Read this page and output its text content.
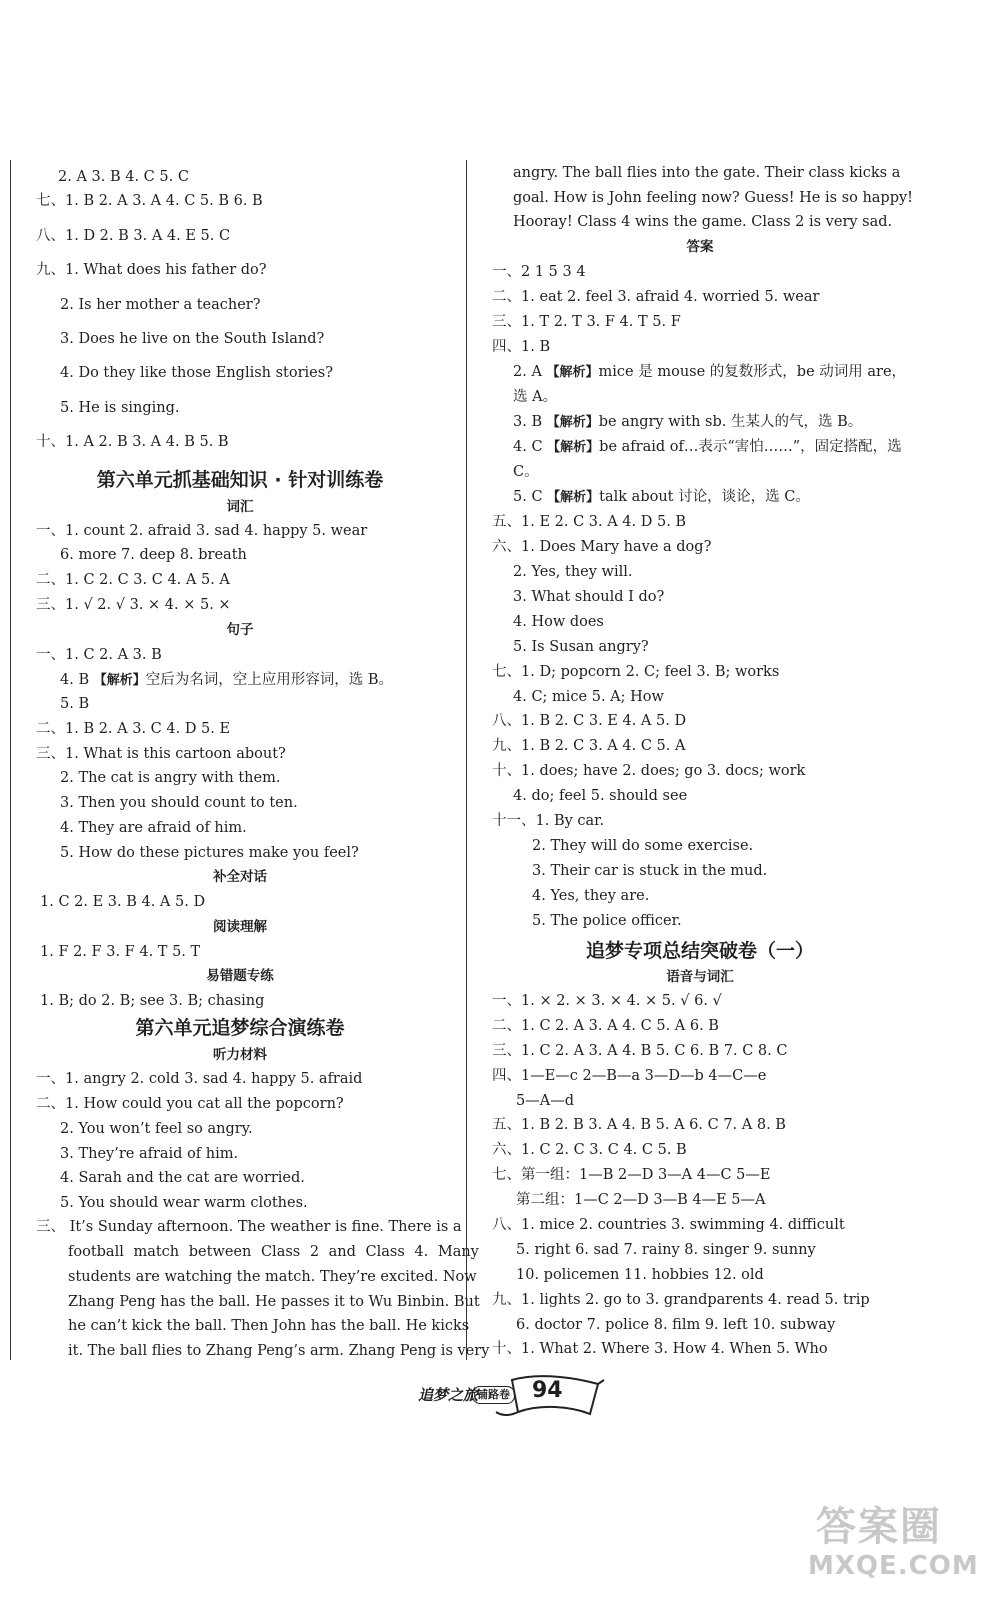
2. A 3. B 4. C 5. C
七、1. B 2. A 3. A 4. C 5. B 6. B
八、1. D 2. B 3. A 4. E 5. C
九、1. What does his father do?
2. Is her mother a teacher?
3. Does he live on the South Island?
4. Do they like those English stories?
5. He is singing.
十、1. A 2. B 3. A 4. B 5. B
第六单元抓基础知识 · 针对训练卷
词汇
一、1. count 2. afraid 3. sad 4. happy 5. wear
6. more 7. deep 8. breath
二、1. C 2. C 3. C 4. A 5. A
三、1. √ 2. √ 3. × 4. × 5. ×
句子
一、1. C 2. A 3. B
4. B 【解析】空后为名词，空上应用形容词，选 B。
5. B
二、1. B 2. A 3. C 4. D 5. E
三、1. What is this cartoon about?
2. The cat is angry with them.
3. Then you should count to ten.
4. They are afraid of him.
5. How do these pictures make you feel?
补全对话
1. C 2. E 3. B 4. A 5. D
阅读理解
1. F 2. F 3. F 4. T 5. T
易错题专练
1. B; do 2. B; see 3. B; chasing
第六单元追梦综合演练卷
听力材料
一、1. angry 2. cold 3. sad 4. happy 5. afraid
二、1. How could you cat all the popcorn?
2. You won’t feel so angry.
3. They’re afraid of him.
4. Sarah and the cat are worried.
5. You should wear warm clothes.
三、 It’s Sunday afternoon. The weather is fine. There is a
football match between Class 2 and Class 4. Many
students are watching the match. They’re excited. Now
Zhang Peng has the ball. He passes it to Wu Binbin. But
he can’t kick the ball. Then John has the ball. He kicks
it. The ball flies to Zhang Peng’s arm. Zhang Peng is very
angry. The ball flies into the gate. Their class kicks a
goal. How is John feeling now? Guess! He is so happy!
Hooray! Class 4 wins the game. Class 2 is very sad.
答案
一、2 1 5 3 4
二、1. eat 2. feel 3. afraid 4. worried 5. wear
三、1. T 2. T 3. F 4. T 5. F
四、1. B
2. A 【解析】mice 是 mouse 的复数形式，be 动词用 are，
选 A。
3. B 【解析】be angry with sb. 生某人的气，选 B。
4. C 【解析】be afraid of…表示“害怕……”，固定搭配，选
C。
5. C 【解析】talk about 讨论，谈论，选 C。
五、1. E 2. C 3. A 4. D 5. B
六、1. Does Mary have a dog?
2. Yes, they will.
3. What should I do?
4. How does
5. Is Susan angry?
七、1. D; popcorn 2. C; feel 3. B; works
4. C; mice 5. A; How
八、1. B 2. C 3. E 4. A 5. D
九、1. B 2. C 3. A 4. C 5. A
十、1. does; have 2. does; go 3. docs; work
4. do; feel 5. should see
十一、1. By car.
2. They will do some exercise.
3. Their car is stuck in the mud.
4. Yes, they are.
5. The police officer.
追梦专项总结突破卷（一）
语音与词汇
一、1. × 2. × 3. × 4. × 5. √ 6. √
二、1. C 2. A 3. A 4. C 5. A 6. B
三、1. C 2. A 3. A 4. B 5. C 6. B 7. C 8. C
四、1—E—c 2—B—a 3—D—b 4—C—e
5—A—d
五、1. B 2. B 3. A 4. B 5. A 6. C 7. A 8. B
六、1. C 2. C 3. C 4. C 5. B
七、第一组：1—B 2—D 3—A 4—C 5—E
第二组：1—C 2—D 3—B 4—E 5—A
八、1. mice 2. countries 3. swimming 4. difficult
5. right 6. sad 7. rainy 8. singer 9. sunny
10. policemen 11. hobbies 12. old
九、1. lights 2. go to 3. grandparents 4. read 5. trip
6. doctor 7. police 8. film 9. left 10. subway
十、1. What 2. Where 3. How 4. When 5. Who
追梦之旅
铺路卷 94
答案圈
MXQE.COM
